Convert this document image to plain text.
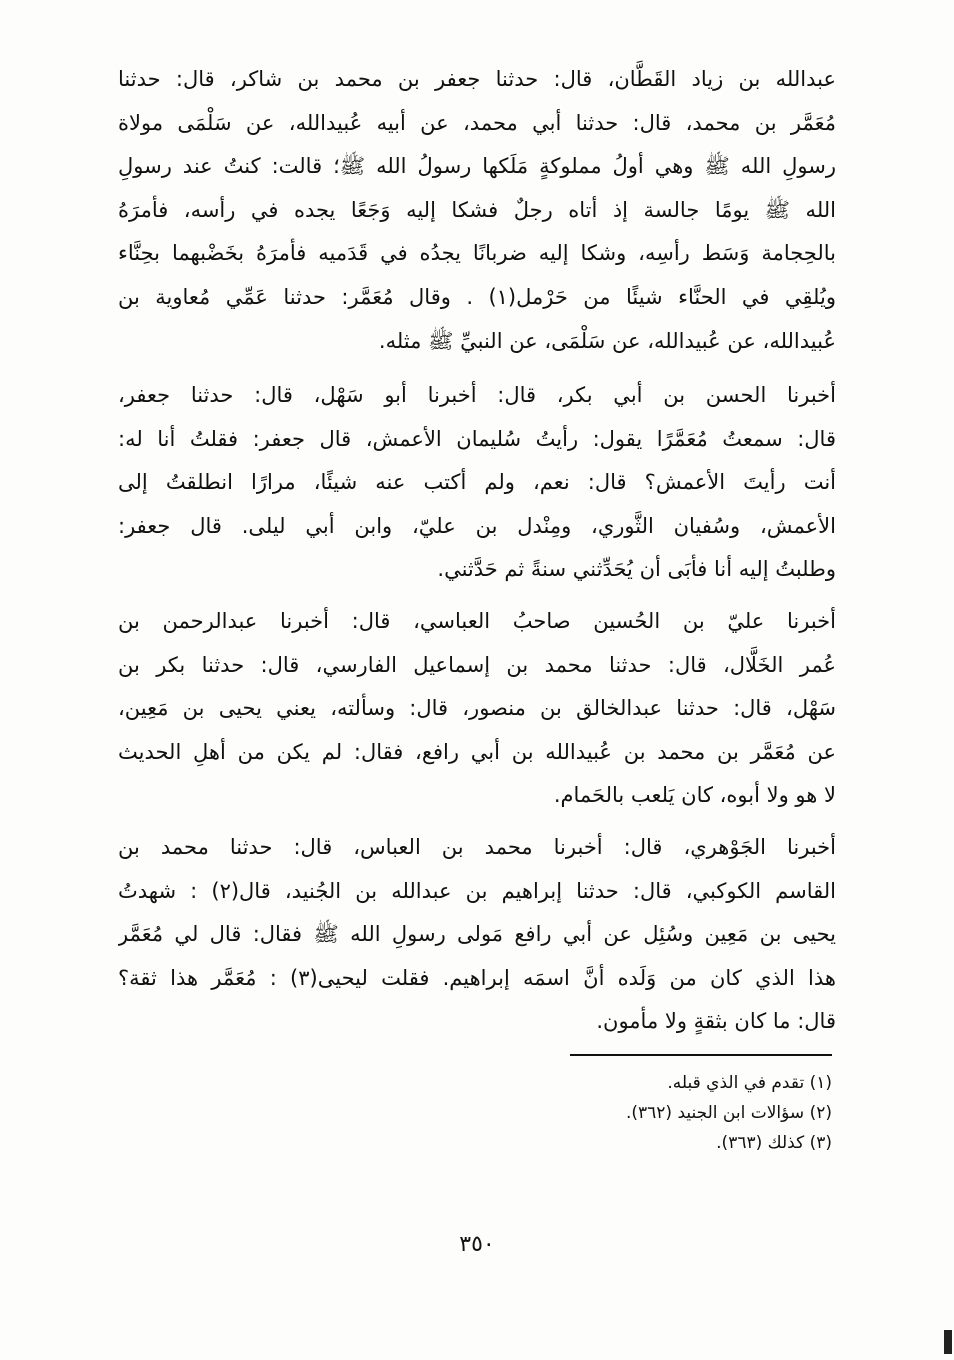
عبدالله بن زياد القَطَّان، قال: حدثنا جعفر بن محمد بن شاكر، قال: حدثنا
مُعَمَّر بن محمد، قال: حدثنا أبي محمد، عن أبيه عُبيدالله، عن سَلْمَى مولاة
رسولِ الله ﷺ وهي أولُ مملوكةٍ مَلَكها رسولُ الله ﷺ؛ قالت: كنتُ عند رسولِ
الله ﷺ يومًا جالسة إذ أتاه رجلٌ فشكا إليه وَجَعًا يجده في رأسه، فأمرَهُ
بالحِجامة وَسَط رأسِه، وشكا إليه ضربانًا يجدُه في قَدَميه فأمرَهُ بخَضْبهما بحِنَّاء
ويُلقِي في الحنَّاء شيئًا من حَرْمل(١) . وقال مُعَمَّر: حدثنا عَمِّي مُعاوية بن
عُبيدالله، عن عُبيدالله، عن سَلْمَى، عن النبيِّ ﷺ مثله.
أخبرنا الحسن بن أبي بكر، قال: أخبرنا أبو سَهْل، قال: حدثنا جعفر،
قال: سمعتُ مُعَمَّرًا يقول: رأيتُ سُليمان الأعمش، قال جعفر: فقلتُ أنا له:
أنت رأيتَ الأعمش؟ قال: نعم، ولم أكتب عنه شيئًا، مرارًا انطلقتُ إلى
الأعمش، وسُفيان الثَّوري، ومِنْدل بن عليّ، وابن أبي ليلى. قال جعفر:
وطلبتُ إليه أنا فأبَى أن يُحَدِّثني سنةً ثم حَدَّثني.
أخبرنا عليّ بن الحُسين صاحبُ العباسي، قال: أخبرنا عبدالرحمن بن
عُمر الخَلَّال، قال: حدثنا محمد بن إسماعيل الفارسي، قال: حدثنا بكر بن
سَهْل، قال: حدثنا عبدالخالق بن منصور، قال: وسألته، يعني يحيى بن مَعِين،
عن مُعَمَّر بن محمد بن عُبيدالله بن أبي رافع، فقال: لم يكن من أهلِ الحديث
لا هو ولا أبوه، كان يَلعب بالحَمام.
أخبرنا الجَوْهري، قال: أخبرنا محمد بن العباس، قال: حدثنا محمد بن
القاسم الكوكبي، قال: حدثنا إبراهيم بن عبدالله بن الجُنيد، قال(٢) : شهدتُ
يحيى بن مَعِين وسُئِل عن أبي رافع مَولى رسولِ الله ﷺ فقال: قال لي مُعَمَّر
هذا الذي كان من وَلَده أنَّ اسمَه إبراهيم. فقلت ليحيى(٣) : مُعَمَّر هذا ثقة؟
قال: ما كان بثقةٍ ولا مأمون.
(١) تقدم في الذي قبله.
(٢) سؤالات ابن الجنيد (٣٦٢).
(٣) كذلك (٣٦٣).
٣٥٠
